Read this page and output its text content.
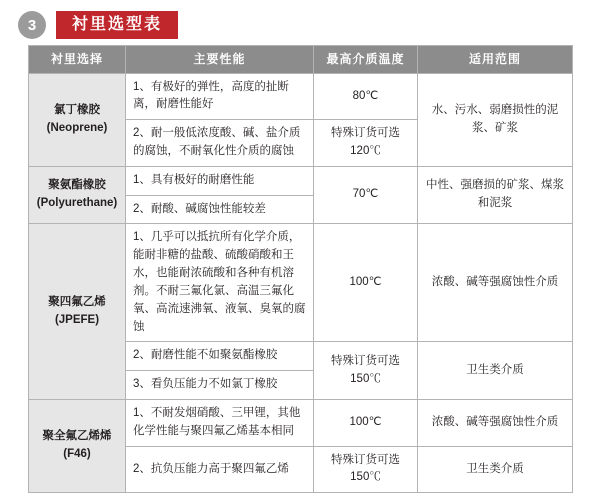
3	衬里选型表
衬里选择	主要性能	最高介质温度	适用范围
氯丁橡胶
(Neoprene)	1、有极好的弹性，高度的扯断离，耐磨性能好	80℃	水、污水、弱磨损性的泥浆、矿浆
	2、耐一般低浓度酸、碱、盐介质的腐蚀，不耐氧化性介质的腐蚀	特殊订货可选120℃	
聚氨酯橡胶
(Polyurethane)	1、具有极好的耐磨性能	70℃	中性、强磨损的矿浆、煤浆和泥浆
	2、耐酸、碱腐蚀性能较差		
聚四氟乙烯
(JPEFE)	1、几乎可以抵抗所有化学介质，能耐非糖的盐酸、硫酸硝酸和王水，也能耐浓硫酸和各种有机溶剂。不耐三氟化氯、高温三氟化氧、高流速沸氧、液氧、臭氧的腐蚀	100℃	浓酸、碱等强腐蚀性介质
	2、耐磨性能不如聚氨酯橡胶	特殊订货可选150℃	卫生类介质
	3、看负压能力不如氯丁橡胶		
聚全氟乙烯烯
(F46)	1、不耐发烟硝酸、三甲锂，其他化学性能与聚四氟乙烯基本相同	100℃	浓酸、碱等强腐蚀性介质
	2、抗负压能力高于聚四氟乙烯	特殊订货可选150℃	卫生类介质
